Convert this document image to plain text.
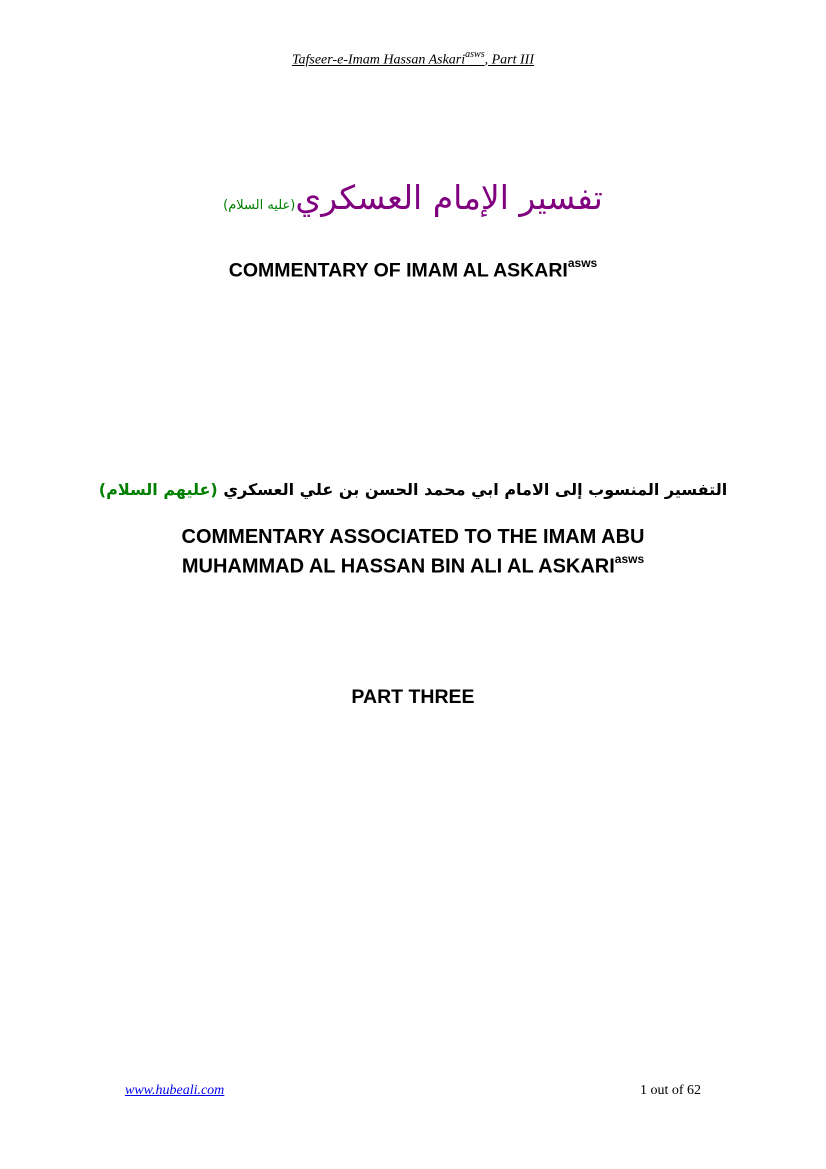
Tafseer-e-Imam Hassan Askari$^{asws}$, Part III
تفسير الإمام العسكري(عليه السلام)
COMMENTARY OF IMAM AL $ASKARI^{asws}$
التفسير المنسوب إلى الامام ابي محمد الحسن بن علي العسكري (عليهم السلام)
COMMENTARY ASSOCIATED TO THE IMAM ABU
MUHAMMAD AL HASSAN BIN ALI AL $ASKARI^{asws}$
PART THREE
www.hubeali.com	1 out of 62
